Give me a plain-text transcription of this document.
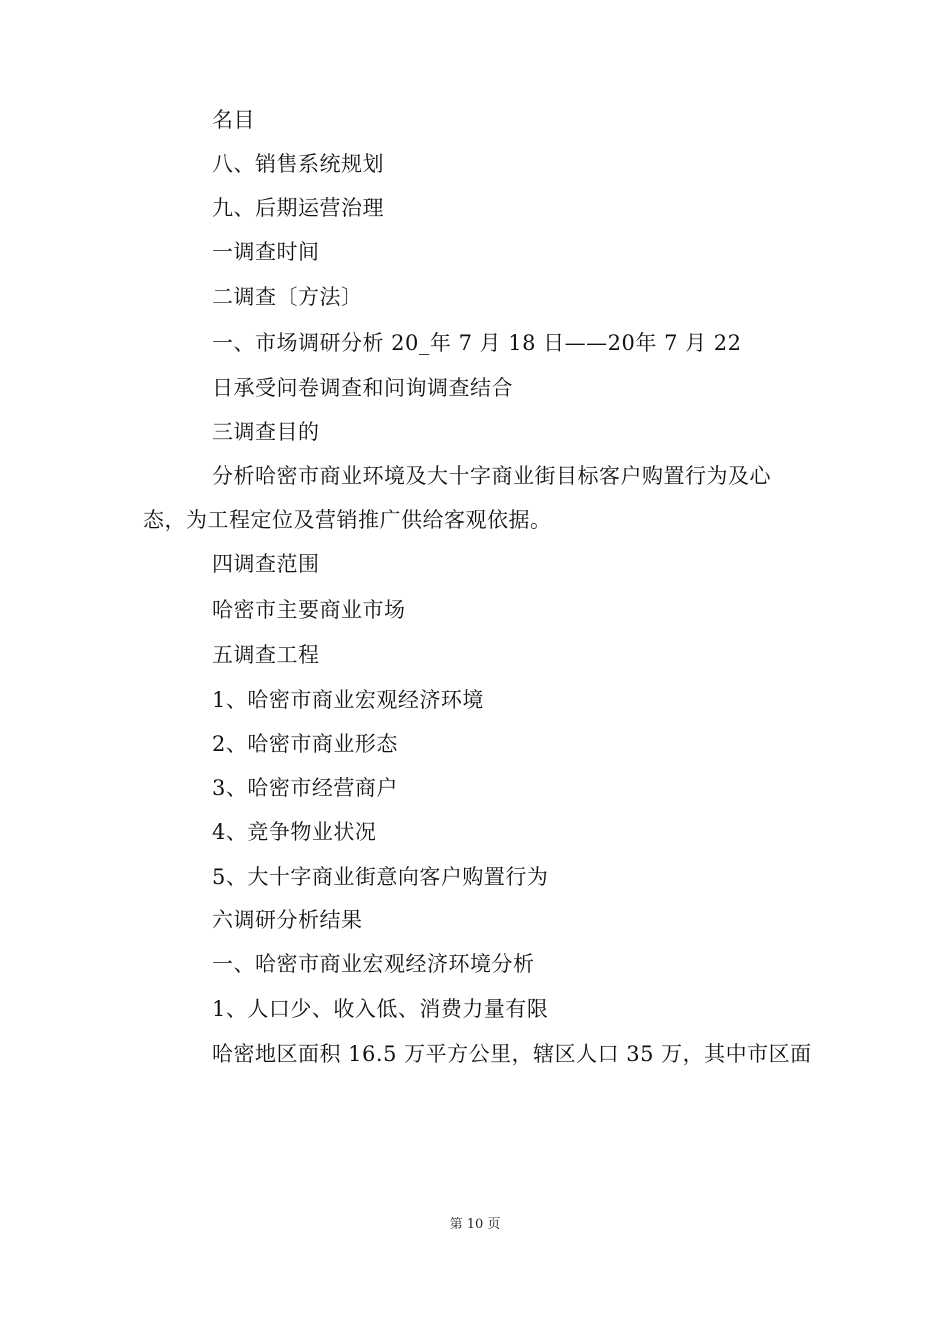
名目
八、销售系统规划
九、后期运营治理
一调查时间
二调查〔方法〕
一、市场调研分析 20_年 7 月 18 日——20年 7 月 22
日承受问卷调查和问询调查结合
三调查目的
分析哈密市商业环境及大十字商业街目标客户购置行为及心
态，为工程定位及营销推广供给客观依据。
四调查范围
哈密市主要商业市场
五调查工程
1、哈密市商业宏观经济环境
2、哈密市商业形态
3、哈密市经营商户
4、竞争物业状况
5、大十字商业街意向客户购置行为
六调研分析结果
一、哈密市商业宏观经济环境分析
1、人口少、收入低、消费力量有限
哈密地区面积 16.5 万平方公里，辖区人口 35 万，其中市区面
第 10 页
